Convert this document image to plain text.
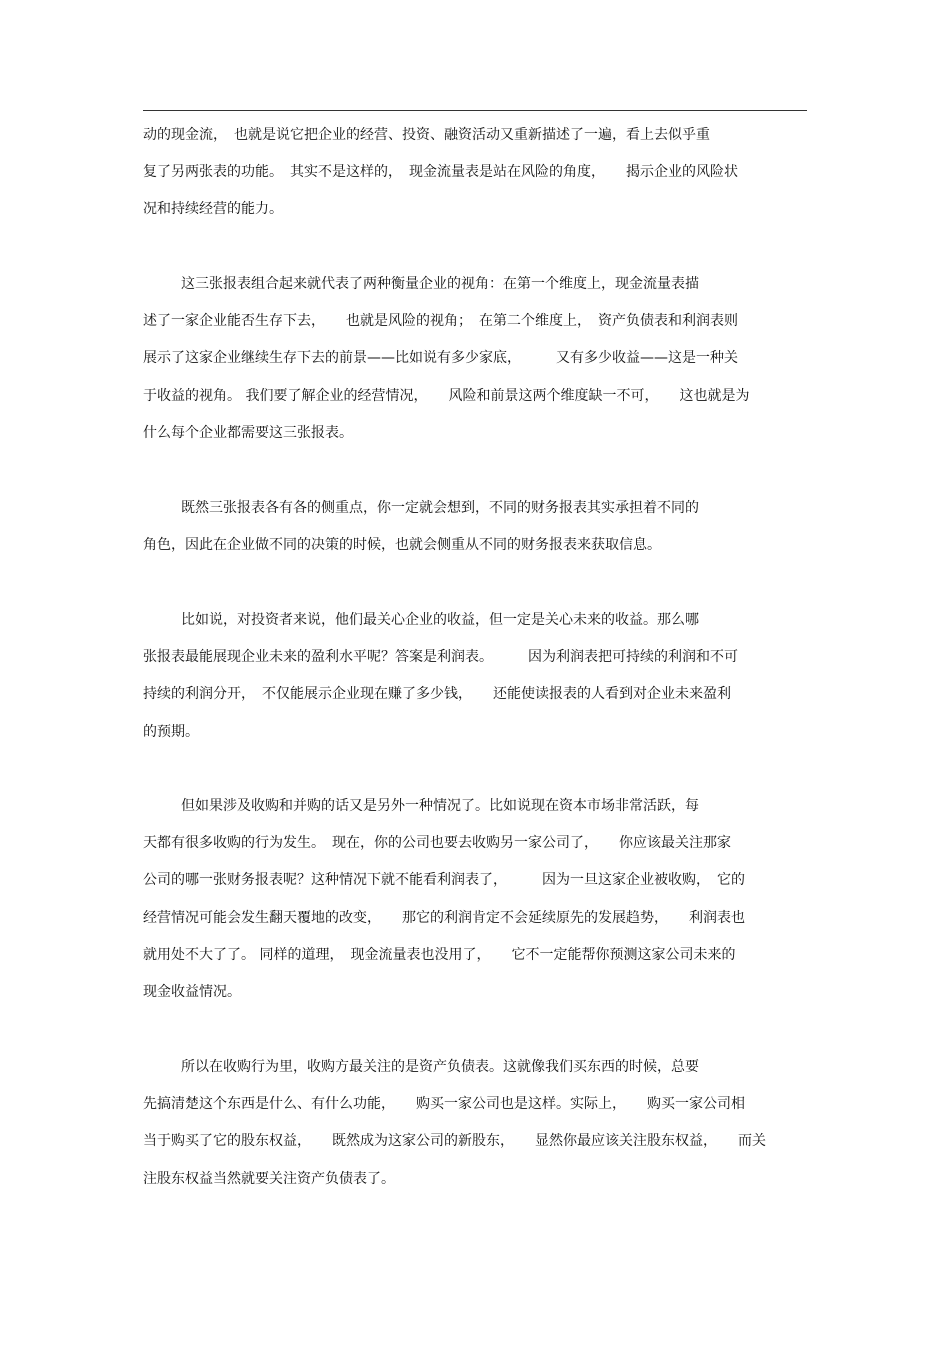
动的现金流，　也就是说它把企业的经营、投资、融资活动又重新描述了一遍，看上去似乎重
复了另两张表的功能。　其实不是这样的，　现金流量表是站在风险的角度，　　揭示企业的风险状
况和持续经营的能力。
这三张报表组合起来就代表了两种衡量企业的视角：在第一个维度上，现金流量表描
述了一家企业能否生存下去，　　也就是风险的视角；　在第二个维度上，　资产负债表和利润表则
展示了这家企业继续生存下去的前景——比如说有多少家底，　　　又有多少收益——这是一种关
于收益的视角。 我们要了解企业的经营情况，　　风险和前景这两个维度缺一不可，　　这也就是为
什么每个企业都需要这三张报表。
既然三张报表各有各的侧重点，你一定就会想到，不同的财务报表其实承担着不同的
角色，因此在企业做不同的决策的时候，也就会侧重从不同的财务报表来获取信息。
比如说，对投资者来说，他们最关心企业的收益，但一定是关心未来的收益。那么哪
张报表最能展现企业未来的盈利水平呢？答案是利润表。　　　因为利润表把可持续的利润和不可
持续的利润分开，　不仅能展示企业现在赚了多少钱，　　还能使读报表的人看到对企业未来盈利
的预期。
但如果涉及收购和并购的话又是另外一种情况了。比如说现在资本市场非常活跃，每
天都有很多收购的行为发生。　现在，你的公司也要去收购另一家公司了，　　你应该最关注那家
公司的哪一张财务报表呢？这种情况下就不能看利润表了，　　　因为一旦这家企业被收购，　它的
经营情况可能会发生翻天覆地的改变，　　那它的利润肯定不会延续原先的发展趋势，　　利润表也
就用处不大了了。 同样的道理，　现金流量表也没用了，　　它不一定能帮你预测这家公司未来的
现金收益情况。
所以在收购行为里，收购方最关注的是资产负债表。这就像我们买东西的时候，总要
先搞清楚这个东西是什么、有什么功能，　　购买一家公司也是这样。实际上，　　购买一家公司相
当于购买了它的股东权益，　　既然成为这家公司的新股东，　　显然你最应该关注股东权益，　　而关
注股东权益当然就要关注资产负债表了。
